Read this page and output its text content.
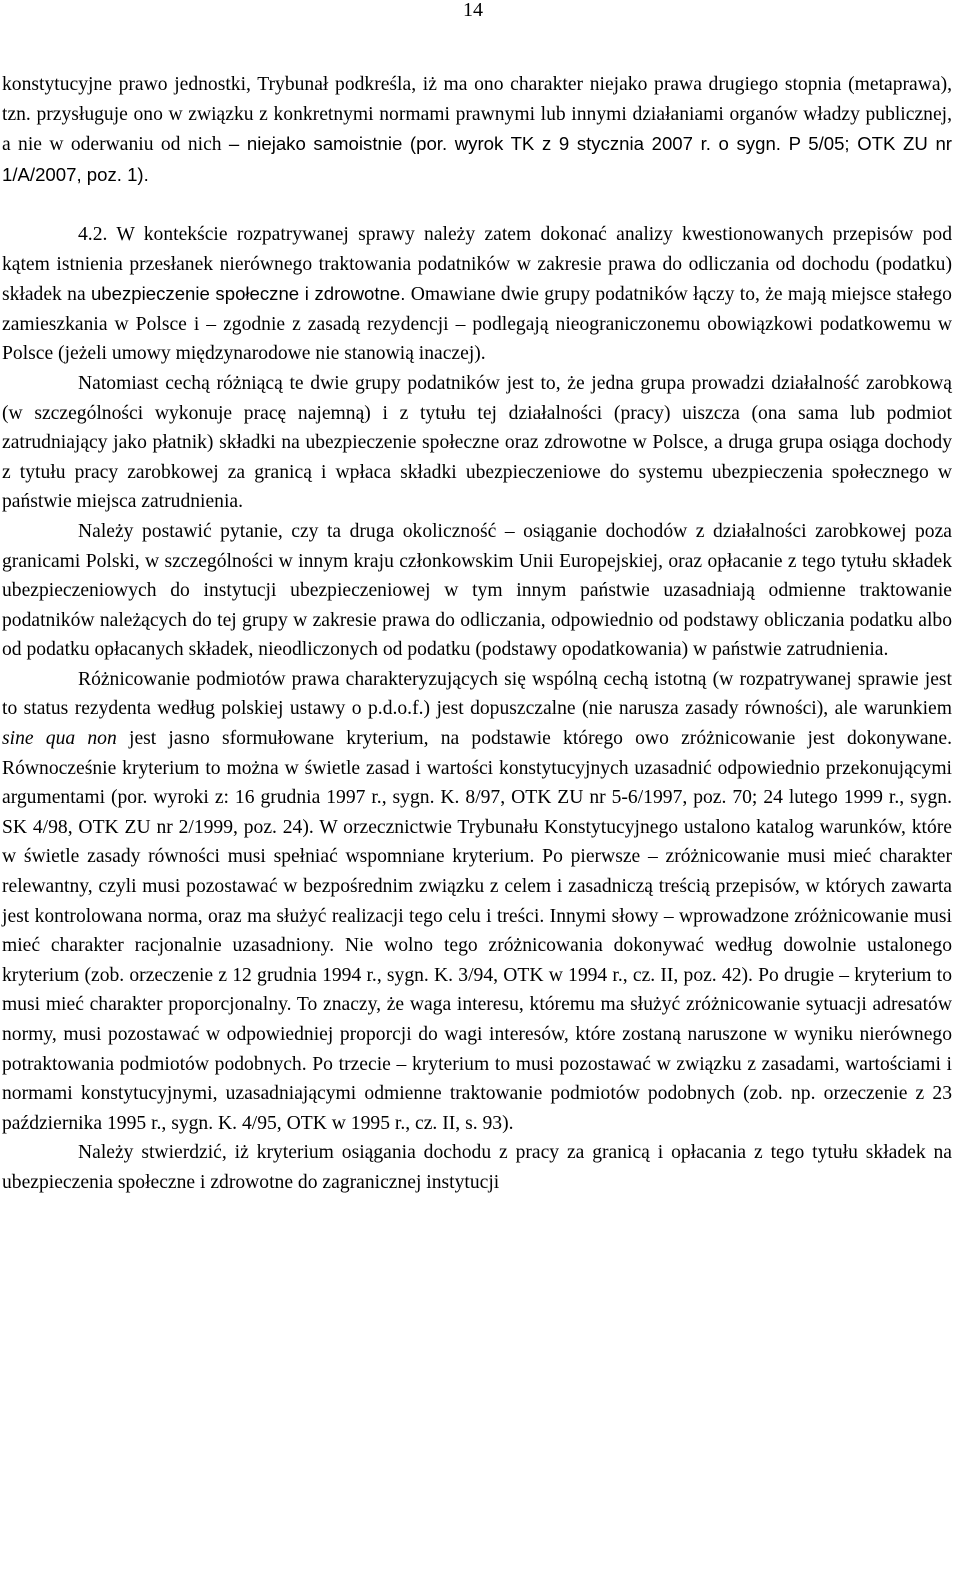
14

konstytucyjne prawo jednostki, Trybunał podkreśla, iż ma ono charakter niejako prawa drugiego stopnia (metaprawa), tzn. przysługuje ono w związku z konkretnymi normami prawnymi lub innymi działaniami organów władzy publicznej, a nie w oderwaniu od nich – niejako samoistnie (por. wyrok TK z 9 stycznia 2007 r. o sygn. P 5/05; OTK ZU nr 1/A/2007, poz. 1).

4.2. W kontekście rozpatrywanej sprawy należy zatem dokonać analizy kwestionowanych przepisów pod kątem istnienia przesłanek nierównego traktowania podatników w zakresie prawa do odliczania od dochodu (podatku) składek na ubezpieczenie społeczne i zdrowotne. Omawiane dwie grupy podatników łączy to, że mają miejsce stałego zamieszkania w Polsce i – zgodnie z zasadą rezydencji – podlegają nieograniczonemu obowiązkowi podatkowemu w Polsce (jeżeli umowy międzynarodowe nie stanowią inaczej).

Natomiast cechą różniącą te dwie grupy podatników jest to, że jedna grupa prowadzi działalność zarobkową (w szczególności wykonuje pracę najemną) i z tytułu tej działalności (pracy) uiszcza (ona sama lub podmiot zatrudniający jako płatnik) składki na ubezpieczenie społeczne oraz zdrowotne w Polsce, a druga grupa osiąga dochody z tytułu pracy zarobkowej za granicą i wpłaca składki ubezpieczeniowe do systemu ubezpieczenia społecznego w państwie miejsca zatrudnienia.

Należy postawić pytanie, czy ta druga okoliczność – osiąganie dochodów z działalności zarobkowej poza granicami Polski, w szczególności w innym kraju członkowskim Unii Europejskiej, oraz opłacanie z tego tytułu składek ubezpieczeniowych do instytucji ubezpieczeniowej w tym innym państwie uzasadniają odmienne traktowanie podatników należących do tej grupy w zakresie prawa do odliczania, odpowiednio od podstawy obliczania podatku albo od podatku opłacanych składek, nieodliczonych od podatku (podstawy opodatkowania) w państwie zatrudnienia.

Różnicowanie podmiotów prawa charakteryzujących się wspólną cechą istotną (w rozpatrywanej sprawie jest to status rezydenta według polskiej ustawy o p.d.o.f.) jest dopuszczalne (nie narusza zasady równości), ale warunkiem sine qua non jest jasno sformułowane kryterium, na podstawie którego owo zróżnicowanie jest dokonywane. Równocześnie kryterium to można w świetle zasad i wartości konstytucyjnych uzasadnić odpowiednio przekonującymi argumentami (por. wyroki z: 16 grudnia 1997 r., sygn. K. 8/97, OTK ZU nr 5-6/1997, poz. 70; 24 lutego 1999 r., sygn. SK 4/98, OTK ZU nr 2/1999, poz. 24). W orzecznictwie Trybunału Konstytucyjnego ustalono katalog warunków, które w świetle zasady równości musi spełniać wspomniane kryterium. Po pierwsze – zróżnicowanie musi mieć charakter relewantny, czyli musi pozostawać w bezpośrednim związku z celem i zasadniczą treścią przepisów, w których zawarta jest kontrolowana norma, oraz ma służyć realizacji tego celu i treści. Innymi słowy – wprowadzone zróżnicowanie musi mieć charakter racjonalnie uzasadniony. Nie wolno tego zróżnicowania dokonywać według dowolnie ustalonego kryterium (zob. orzeczenie z 12 grudnia 1994 r., sygn. K. 3/94, OTK w 1994 r., cz. II, poz. 42). Po drugie – kryterium to musi mieć charakter proporcjonalny. To znaczy, że waga interesu, któremu ma służyć zróżnicowanie sytuacji adresatów normy, musi pozostawać w odpowiedniej proporcji do wagi interesów, które zostaną naruszone w wyniku nierównego potraktowania podmiotów podobnych. Po trzecie – kryterium to musi pozostawać w związku z zasadami, wartościami i normami konstytucyjnymi, uzasadniającymi odmienne traktowanie podmiotów podobnych (zob. np. orzeczenie z 23 października 1995 r., sygn. K. 4/95, OTK w 1995 r., cz. II, s. 93).

Należy stwierdzić, iż kryterium osiągania dochodu z pracy za granicą i opłacania z tego tytułu składek na ubezpieczenia społeczne i zdrowotne do zagranicznej instytucji
